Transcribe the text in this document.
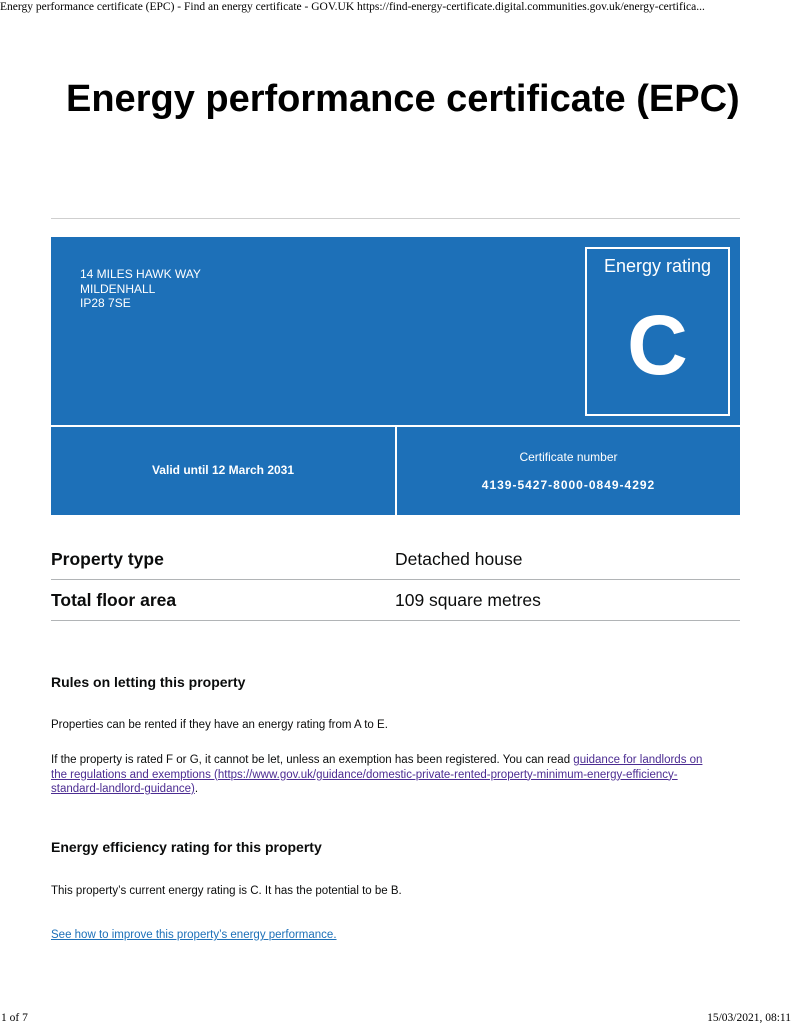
Energy performance certificate (EPC) - Find an energy certificate - GOV.UK https://find-energy-certificate.digital.communities.gov.uk/energy-certifica...
Energy performance certificate (EPC)
14 MILES HAWK WAY
MILDENHALL
IP28 7SE
Energy rating
C
Valid until 12 March 2031
Certificate number
4139-5427-8000-0849-4292
Property type	Detached house
Total floor area	109 square metres
Rules on letting this property

Properties can be rented if they have an energy rating from A to E.

If the property is rated F or G, it cannot be let, unless an exemption has been registered. You can read guidance for landlords on the regulations and exemptions (https://www.gov.uk/guidance/domestic-private-rented-property-minimum-energy-efficiency-standard-landlord-guidance).

Energy efficiency rating for this property

This property’s current energy rating is C. It has the potential to be B.

See how to improve this property’s energy performance.

1 of 7	15/03/2021, 08:11
